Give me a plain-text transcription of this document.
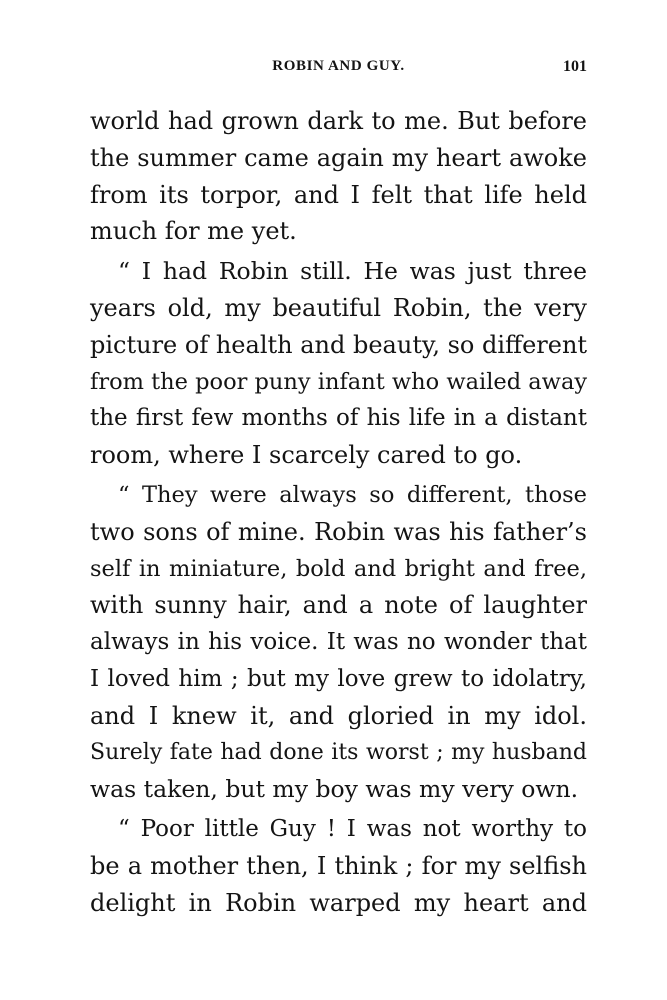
ROBIN AND GUY.	101
world had grown dark to me. But before
the summer came again my heart awoke
from its torpor, and I felt that life held
much for me yet.
“ I had Robin still. He was just three
years old, my beautiful Robin, the very
picture of health and beauty, so different
from the poor puny infant who wailed away
the first few months of his life in a distant
room, where I scarcely cared to go.
“ They were always so different, those
two sons of mine. Robin was his father’s
self in miniature, bold and bright and free,
with sunny hair, and a note of laughter
always in his voice. It was no wonder that
I loved him ; but my love grew to idolatry,
and I knew it, and gloried in my idol.
Surely fate had done its worst ; my husband
was taken, but my boy was my very own.
“ Poor little Guy ! I was not worthy to
be a mother then, I think ; for my selfish
delight in Robin warped my heart and
